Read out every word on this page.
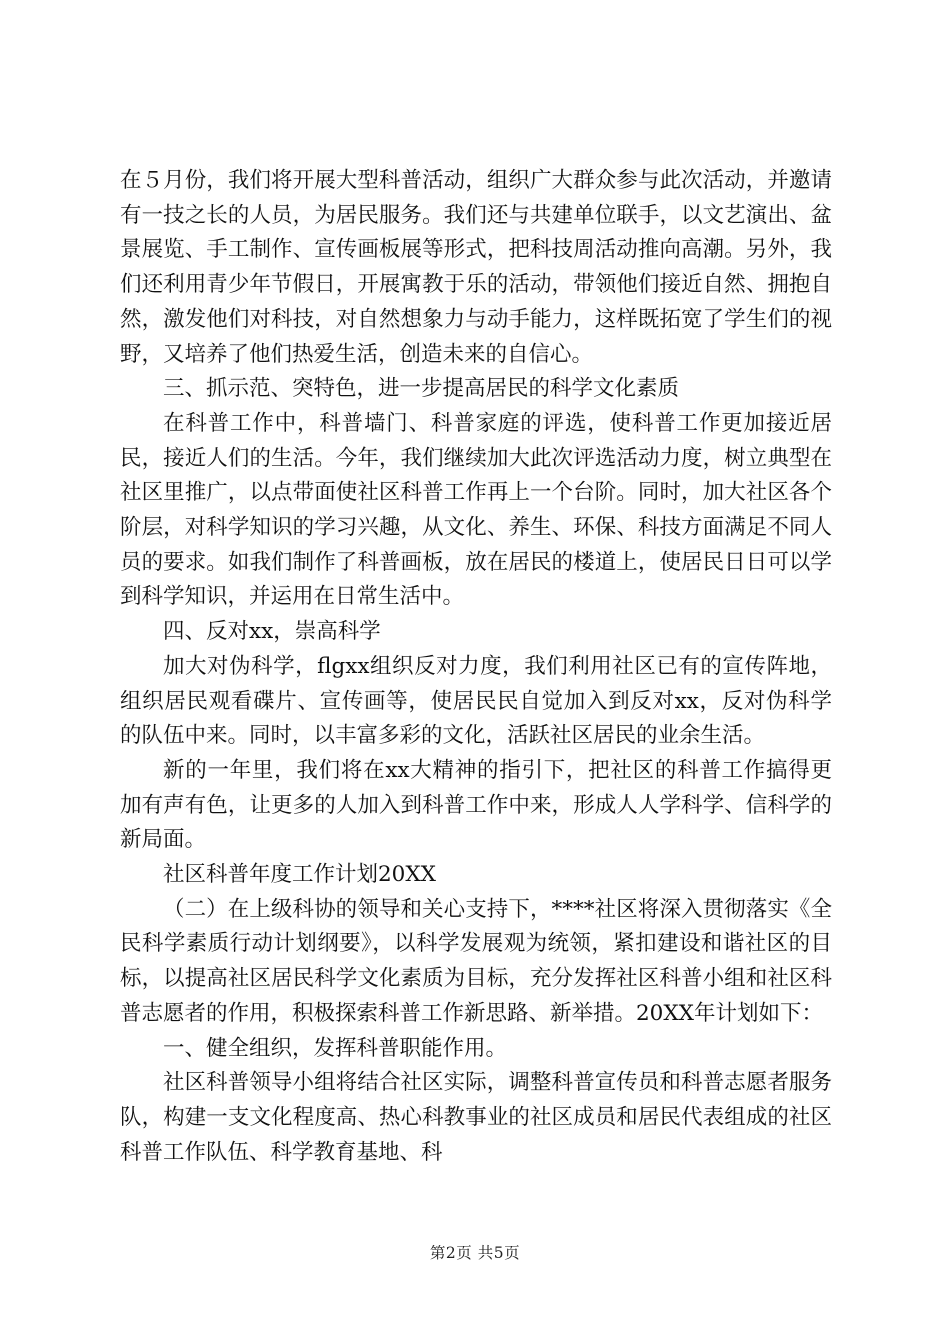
在５月份，我们将开展大型科普活动，组织广大群众参与此次活动，并邀请有一技之长的人员，为居民服务。我们还与共建单位联手，以文艺演出、盆景展览、手工制作、宣传画板展等形式，把科技周活动推向高潮。另外，我们还利用青少年节假日，开展寓教于乐的活动，带领他们接近自然、拥抱自然，激发他们对科技，对自然想象力与动手能力，这样既拓宽了学生们的视野，又培养了他们热爱生活，创造未来的自信心。

三、抓示范、突特色，进一步提高居民的科学文化素质

在科普工作中，科普墙门、科普家庭的评选，使科普工作更加接近居民，接近人们的生活。今年，我们继续加大此次评选活动力度，树立典型在社区里推广，以点带面使社区科普工作再上一个台阶。同时，加大社区各个阶层，对科学知识的学习兴趣，从文化、养生、环保、科技方面满足不同人员的要求。如我们制作了科普画板，放在居民的楼道上，使居民日日可以学到科学知识，并运用在日常生活中。

四、反对xx，崇高科学

加大对伪科学，flgxx组织反对力度，我们利用社区已有的宣传阵地，组织居民观看碟片、宣传画等，使居民民自觉加入到反对xx，反对伪科学的队伍中来。同时，以丰富多彩的文化，活跃社区居民的业余生活。

新的一年里，我们将在xx大精神的指引下，把社区的科普工作搞得更加有声有色，让更多的人加入到科普工作中来，形成人人学科学、信科学的新局面。

社区科普年度工作计划20XX

（二）在上级科协的领导和关心支持下，****社区将深入贯彻落实《全民科学素质行动计划纲要》，以科学发展观为统领，紧扣建设和谐社区的目标，以提高社区居民科学文化素质为目标，充分发挥社区科普小组和社区科普志愿者的作用，积极探索科普工作新思路、新举措。20XX年计划如下：

一、健全组织，发挥科普职能作用。

社区科普领导小组将结合社区实际，调整科普宣传员和科普志愿者服务队，构建一支文化程度高、热心科教事业的社区成员和居民代表组成的社区科普工作队伍、科学教育基地、科

第2页 共5页
